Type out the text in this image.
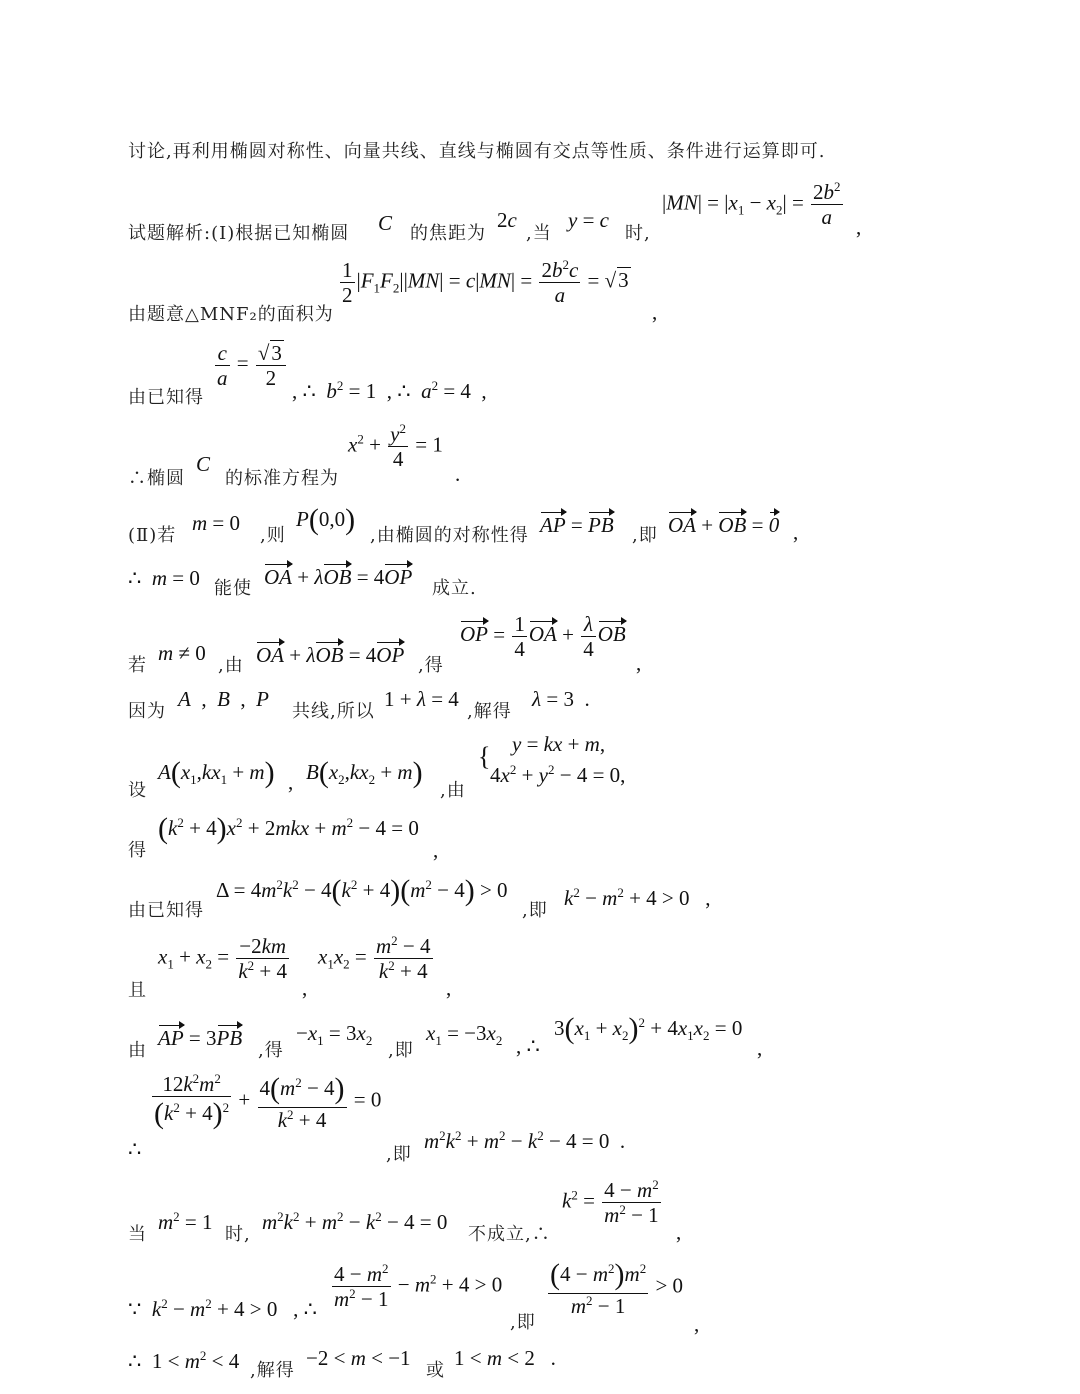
讨论,再利用椭圆对称性、向量共线、直线与椭圆有交点等性质、条件进行运算即可.
试题解析:(Ⅰ)根据已知椭圆 C 的焦距为
2c
,当
y = c
时,
$|MN| = |x_1 - x_2| = \frac{2b^2}{a}$ ,
由题意△MNF₂的面积为
$\frac{1}{2} |F_1F_2||MN| = c|MN| = \frac{2b^2c}{a} = √3$
,
由已知得
$\frac{c}{a} = \frac{√3}{2}$
, ∴  $b^2 = 1$  , ∴  $a^2 = 4$  ,
∴椭圆
C
的标准方程为
$x^2 + \frac{y^2}{4} = 1$
.
(Ⅱ)若
m = 0
,则
P(0,0) ,由椭圆的对称性得 AP = PB ,即 OA + OB = 0 ,
∴  m = 0 能使 OA + λOB = 4OP 成立.
若
m ≠ 0
,由 OA + λOB = 4OP ,得
OP = $\frac{1}{4}$ OA + $\frac{\lambda}{4}$ OB
,
因为
A  ,  B  ,  P
共线,所以
1 + λ = 4
,解得
λ = 3  .
设
$A(x_1,kx_1 + m)$ , $B(x_2,kx_2 + m)$
,由
{ y = kx + m,
$4x^2 + y^2 - 4 = 0$,
得
$(k^2 + 4)x^2 + 2mkx + m^2 - 4 = 0$
,
由已知得
$\Delta = 4m^2k^2 - 4(k^2 + 4)(m^2 - 4) > 0$
,即
$k^2 - m^2 + 4 > 0$   ,
且
$x_1 + x_2 = \frac{-2km}{k^2 + 4}$
,
$x_1x_2 = \frac{m^2 - 4}{k^2 + 4}$
,
由
AP = 3PB
,得
$-x_1 = 3x_2$ ,即
$x_1 = -3x_2$ , ∴
$3(x_1 + x_2)^2 + 4x_1x_2 = 0$
,
∴
$\frac{12k^2m^2}{(k^2 + 4)^2} + \frac{4(m^2 - 4)}{k^2 + 4} = 0$
,即
$m^2k^2 + m^2 - k^2 - 4 = 0$  .
当
$m^2 = 1$
时,
$m^2k^2 + m^2 - k^2 - 4 = 0$
不成立,∴
$k^2 = \frac{4 - m^2}{m^2 - 1}$
,
∵  $k^2 - m^2 + 4 > 0$   , ∴ $\frac{4 - m^2}{m^2 - 1} - m^2 + 4 > 0$
,即
$\frac{(4 - m^2)m^2}{m^2 - 1} > 0$
,
∴  $1 < m^2 < 4$ ,解得
−2 < m < −1
或
1 < m < 2   .
